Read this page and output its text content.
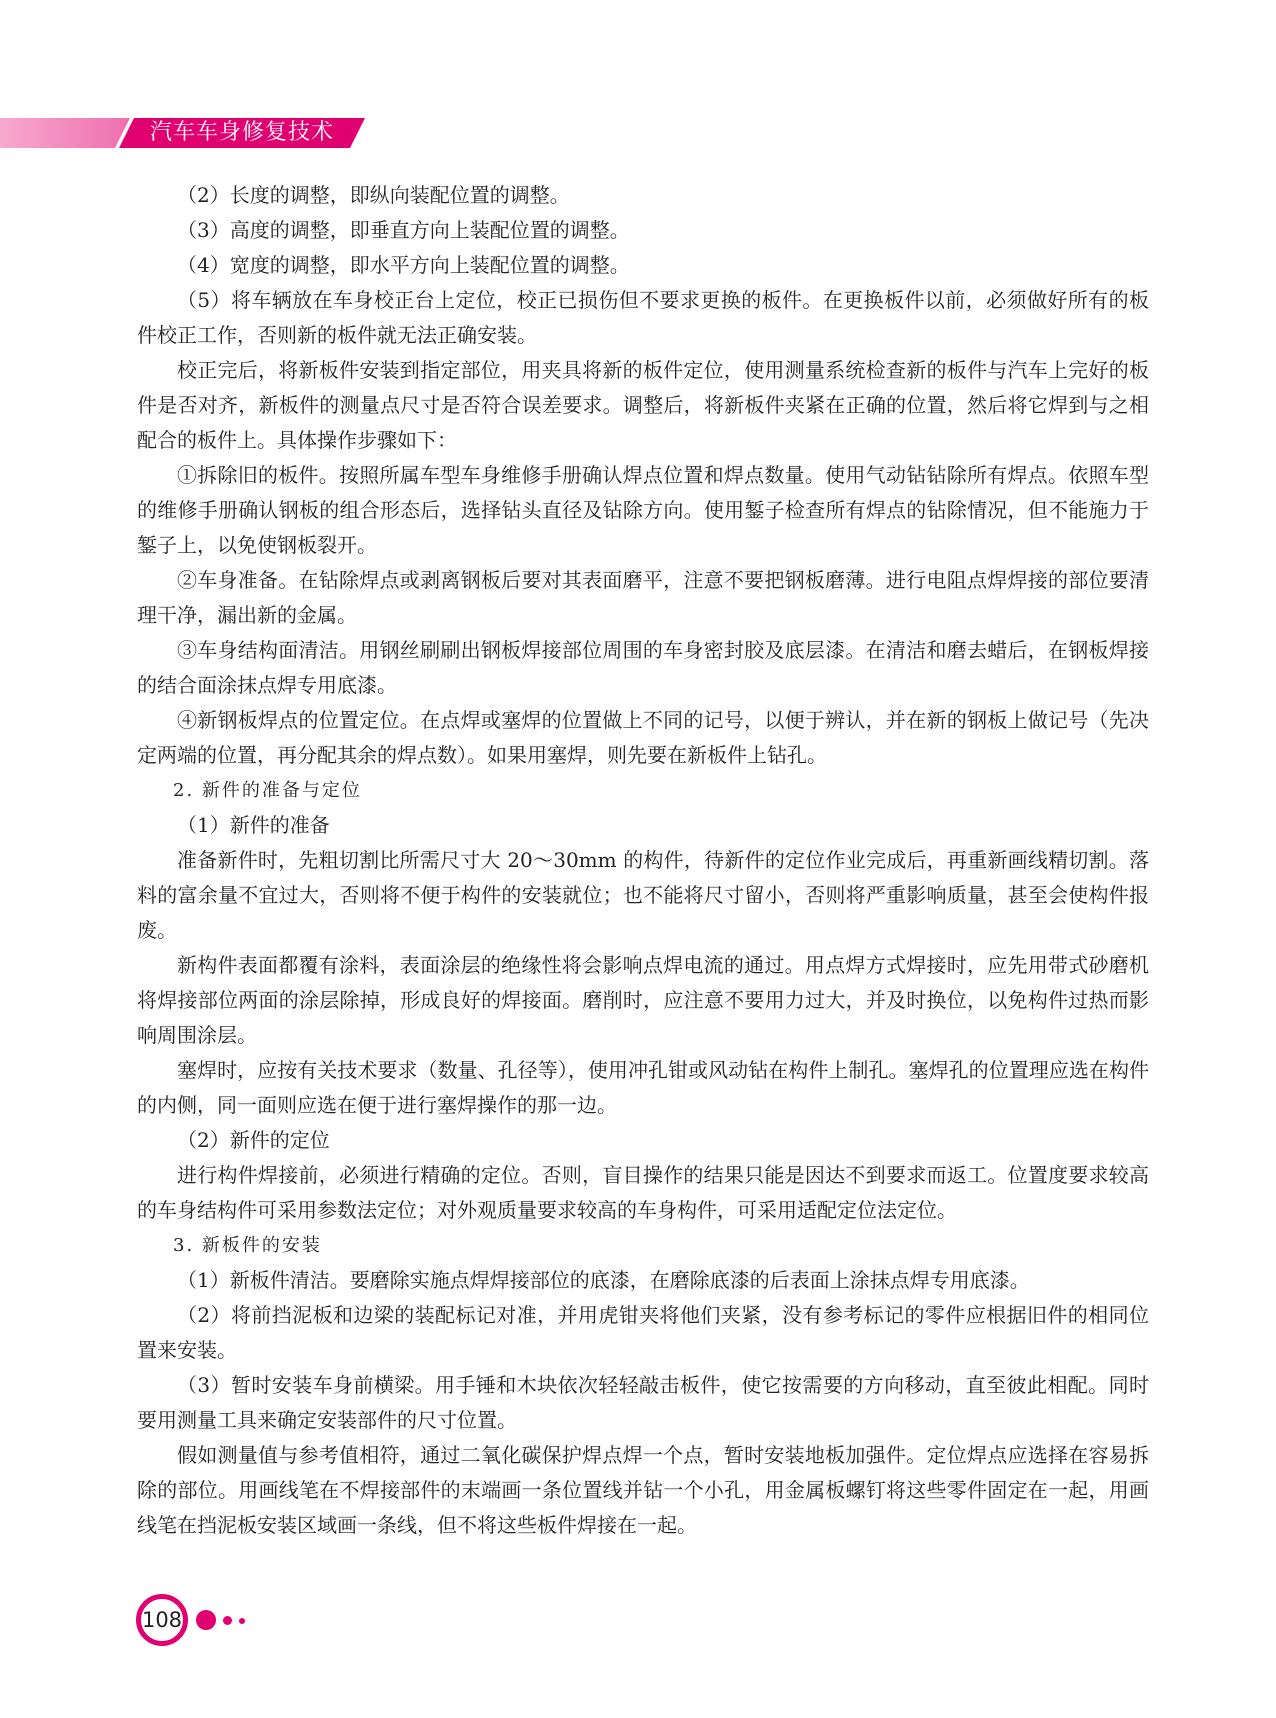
汽车车身修复技术

（2）长度的调整，即纵向装配位置的调整。

（3）高度的调整，即垂直方向上装配位置的调整。

（4）宽度的调整，即水平方向上装配位置的调整。

（5）将车辆放在车身校正台上定位，校正已损伤但不要求更换的板件。在更换板件以前，必须做好所有的板件校正工作，否则新的板件就无法正确安装。

校正完后，将新板件安装到指定部位，用夹具将新的板件定位，使用测量系统检查新的板件与汽车上完好的板件是否对齐，新板件的测量点尺寸是否符合误差要求。调整后，将新板件夹紧在正确的位置，然后将它焊到与之相配合的板件上。具体操作步骤如下：

①拆除旧的板件。按照所属车型车身维修手册确认焊点位置和焊点数量。使用气动钻钻除所有焊点。依照车型的维修手册确认钢板的组合形态后，选择钻头直径及钻除方向。使用錾子检查所有焊点的钻除情况，但不能施力于錾子上，以免使钢板裂开。

②车身准备。在钻除焊点或剥离钢板后要对其表面磨平，注意不要把钢板磨薄。进行电阻点焊焊接的部位要清理干净，漏出新的金属。

③车身结构面清洁。用钢丝刷刷出钢板焊接部位周围的车身密封胶及底层漆。在清洁和磨去蜡后，在钢板焊接的结合面涂抹点焊专用底漆。

④新钢板焊点的位置定位。在点焊或塞焊的位置做上不同的记号，以便于辨认，并在新的钢板上做记号（先决定两端的位置，再分配其余的焊点数）。如果用塞焊，则先要在新板件上钻孔。

2. 新件的准备与定位

（1）新件的准备

准备新件时，先粗切割比所需尺寸大 20～30mm 的构件，待新件的定位作业完成后，再重新画线精切割。落料的富余量不宜过大，否则将不便于构件的安装就位；也不能将尺寸留小，否则将严重影响质量，甚至会使构件报废。

新构件表面都覆有涂料，表面涂层的绝缘性将会影响点焊电流的通过。用点焊方式焊接时，应先用带式砂磨机将焊接部位两面的涂层除掉，形成良好的焊接面。磨削时，应注意不要用力过大，并及时换位，以免构件过热而影响周围涂层。

塞焊时，应按有关技术要求（数量、孔径等），使用冲孔钳或风动钻在构件上制孔。塞焊孔的位置理应选在构件的内侧，同一面则应选在便于进行塞焊操作的那一边。

（2）新件的定位

进行构件焊接前，必须进行精确的定位。否则，盲目操作的结果只能是因达不到要求而返工。位置度要求较高的车身结构件可采用参数法定位；对外观质量要求较高的车身构件，可采用适配定位法定位。

3. 新板件的安装

（1）新板件清洁。要磨除实施点焊焊接部位的底漆，在磨除底漆的后表面上涂抹点焊专用底漆。

（2）将前挡泥板和边梁的装配标记对准，并用虎钳夹将他们夹紧，没有参考标记的零件应根据旧件的相同位置来安装。

（3）暂时安装车身前横梁。用手锤和木块依次轻轻敲击板件，使它按需要的方向移动，直至彼此相配。同时要用测量工具来确定安装部件的尺寸位置。

假如测量值与参考值相符，通过二氧化碳保护焊点焊一个点，暂时安装地板加强件。定位焊点应选择在容易拆除的部位。用画线笔在不焊接部件的末端画一条位置线并钻一个小孔，用金属板螺钉将这些零件固定在一起，用画线笔在挡泥板安装区域画一条线，但不将这些板件焊接在一起。

108
